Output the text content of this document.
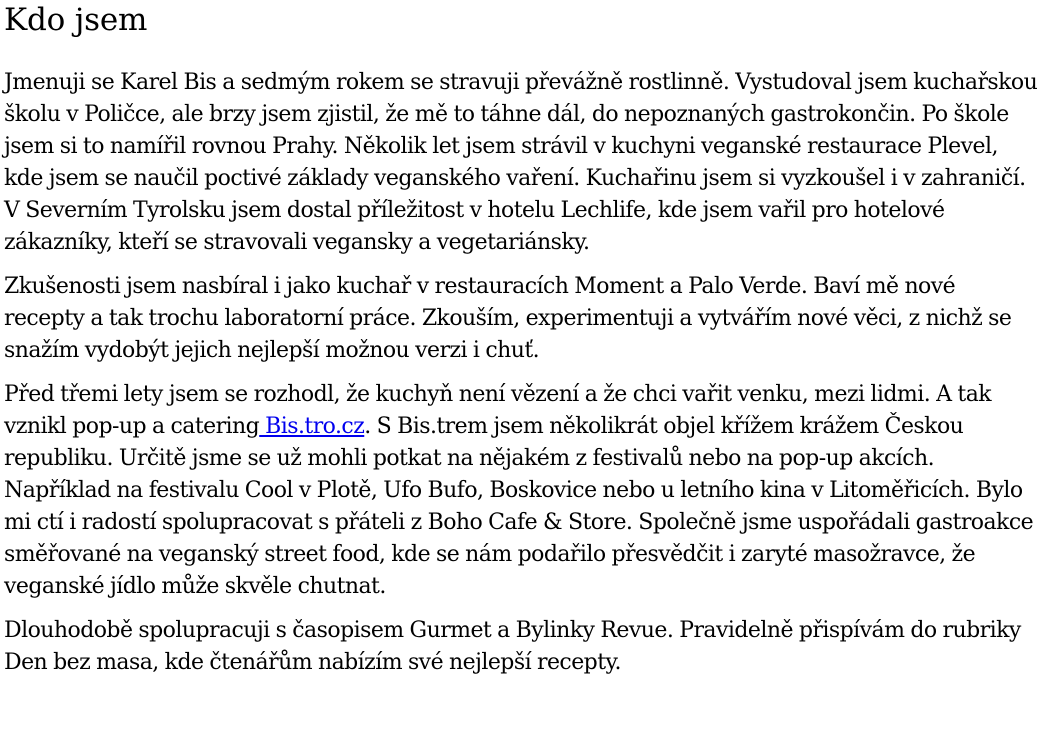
Kdo jsem

Jmenuji se Karel Bis a sedmým rokem se stravuji převážně rostlinně. Vystudoval jsem kuchařskou školu v Poličce, ale brzy jsem zjistil, že mě to táhne dál, do nepoznaných gastrokončin. Po škole jsem si to namířil rovnou Prahy. Několik let jsem strávil v kuchyni veganské restaurace Plevel, kde jsem se naučil poctivé základy veganského vaření. Kuchařinu jsem si vyzkoušel i v zahraničí. V Severním Tyrolsku jsem dostal příležitost v hotelu Lechlife, kde jsem vařil pro hotelové zákazníky, kteří se stravovali vegansky a vegetariánsky.

Zkušenosti jsem nasbíral i jako kuchař v restauracích Moment a Palo Verde. Baví mě nové recepty a tak trochu laboratorní práce. Zkouším, experimentuji a vytvářím nové věci, z nichž se snažím vydobýt jejich nejlepší možnou verzi i chuť.

Před třemi lety jsem se rozhodl, že kuchyň není vězení a že chci vařit venku, mezi lidmi. A tak vznikl pop-up a catering Bis.tro.cz. S Bis.trem jsem několikrát objel křížem krážem Českou republiku. Určitě jsme se už mohli potkat na nějakém z festivalů nebo na pop-up akcích. Například na festivalu Cool v Plotě, Ufo Bufo, Boskovice nebo u letního kina v Litoměřicích. Bylo mi ctí i radostí spolupracovat s přáteli z Boho Cafe & Store. Společně jsme uspořádali gastroakce směřované na veganský street food, kde se nám podařilo přesvědčit i zaryté masožravce, že veganské jídlo může skvěle chutnat.

Dlouhodobě spolupracuji s časopisem Gurmet a Bylinky Revue. Pravidelně přispívám do rubriky Den bez masa, kde čtenářům nabízím své nejlepší recepty.
